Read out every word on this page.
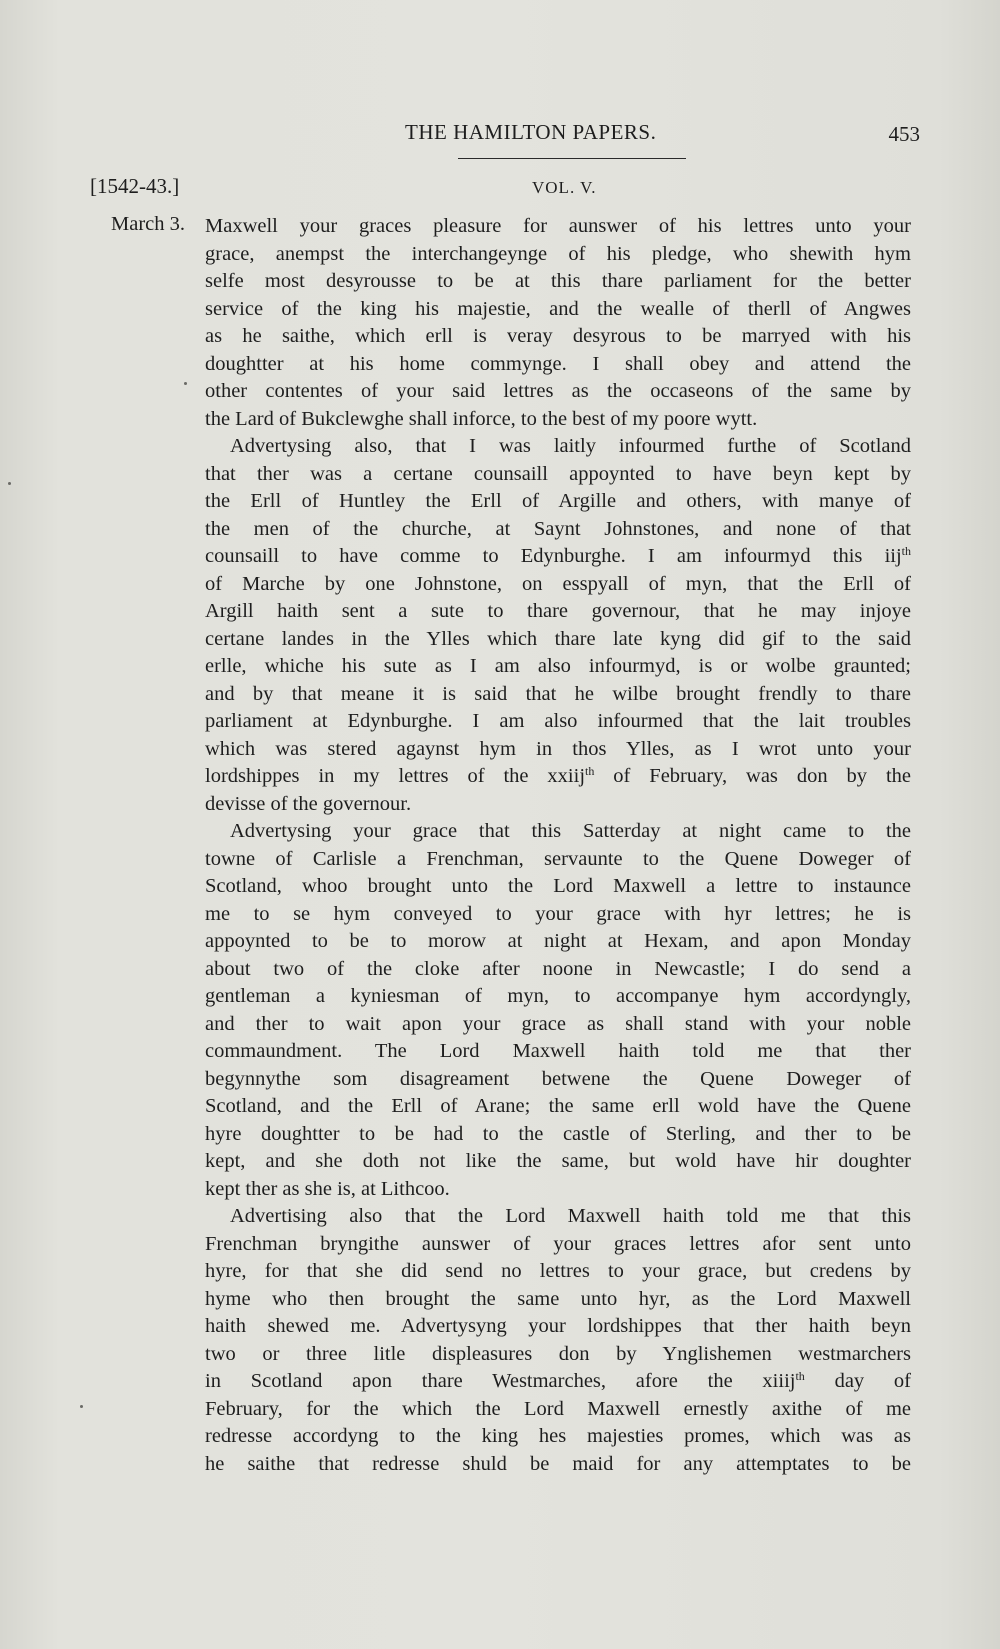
THE HAMILTON PAPERS.	453
[1542-43.]	VOL. V.
March 3. Maxwell your graces pleasure for aunswer of his lettres unto your
grace, anempst the interchangeynge of his pledge, who shewith hym
selfe most desyrousse to be at this thare parliament for the better
service of the king his majestie, and the wealle of therll of Angwes
as he saithe, which erll is veray desyrous to be marryed with his
doughtter at his home commynge. I shall obey and attend the
other contentes of your said lettres as the occaseons of the same by
the Lard of Bukclewghe shall inforce, to the best of my poore wytt.
Advertysing also, that I was laitly infourmed furthe of Scotland
that ther was a certane counsaill appoynted to have beyn kept by
the Erll of Huntley the Erll of Argille and others, with manye of
the men of the churche, at Saynt Johnstones, and none of that
counsaill to have comme to Edynburghe. I am infourmyd this iij$^{th}$
of Marche by one Johnstone, on esspyall of myn, that the Erll of
Argill haith sent a sute to thare governour, that he may injoye
certane landes in the Ylles which thare late kyng did gif to the said
erlle, whiche his sute as I am also infourmyd, is or wolbe graunted;
and by that meane it is said that he wilbe brought frendly to thare
parliament at Edynburghe. I am also infourmed that the lait troubles
which was stered agaynst hym in thos Ylles, as I wrot unto your
lordshippes in my lettres of the xxiij$^{th}$ of February, was don by the
devisse of the governour.
Advertysing your grace that this Satterday at night came to the
towne of Carlisle a Frenchman, servaunte to the Quene Doweger of
Scotland, whoo brought unto the Lord Maxwell a lettre to instaunce
me to se hym conveyed to your grace with hyr lettres; he is
appoynted to be to morow at night at Hexam, and apon Monday
about two of the cloke after noone in Newcastle; I do send a
gentleman a kyniesman of myn, to accompanye hym accordyngly,
and ther to wait apon your grace as shall stand with your noble
commaundment. The Lord Maxwell haith told me that ther
begynnythe som disagreament betwene the Quene Doweger of
Scotland, and the Erll of Arane; the same erll wold have the Quene
hyre doughtter to be had to the castle of Sterling, and ther to be
kept, and she doth not like the same, but wold have hir doughter
kept ther as she is, at Lithcoo.
Advertising also that the Lord Maxwell haith told me that this
Frenchman bryngithe aunswer of your graces lettres afor sent unto
hyre, for that she did send no lettres to your grace, but credens by
hyme who then brought the same unto hyr, as the Lord Maxwell
haith shewed me. Advertysyng your lordshippes that ther haith beyn
two or three litle displeasures don by Ynglishemen westmarchers
in Scotland apon thare Westmarches, afore the xiiij$^{th}$ day of
February, for the which the Lord Maxwell ernestly axithe of me
redresse accordyng to the king hes majesties promes, which was as
he saithe that redresse shuld be maid for any attemptates to be
